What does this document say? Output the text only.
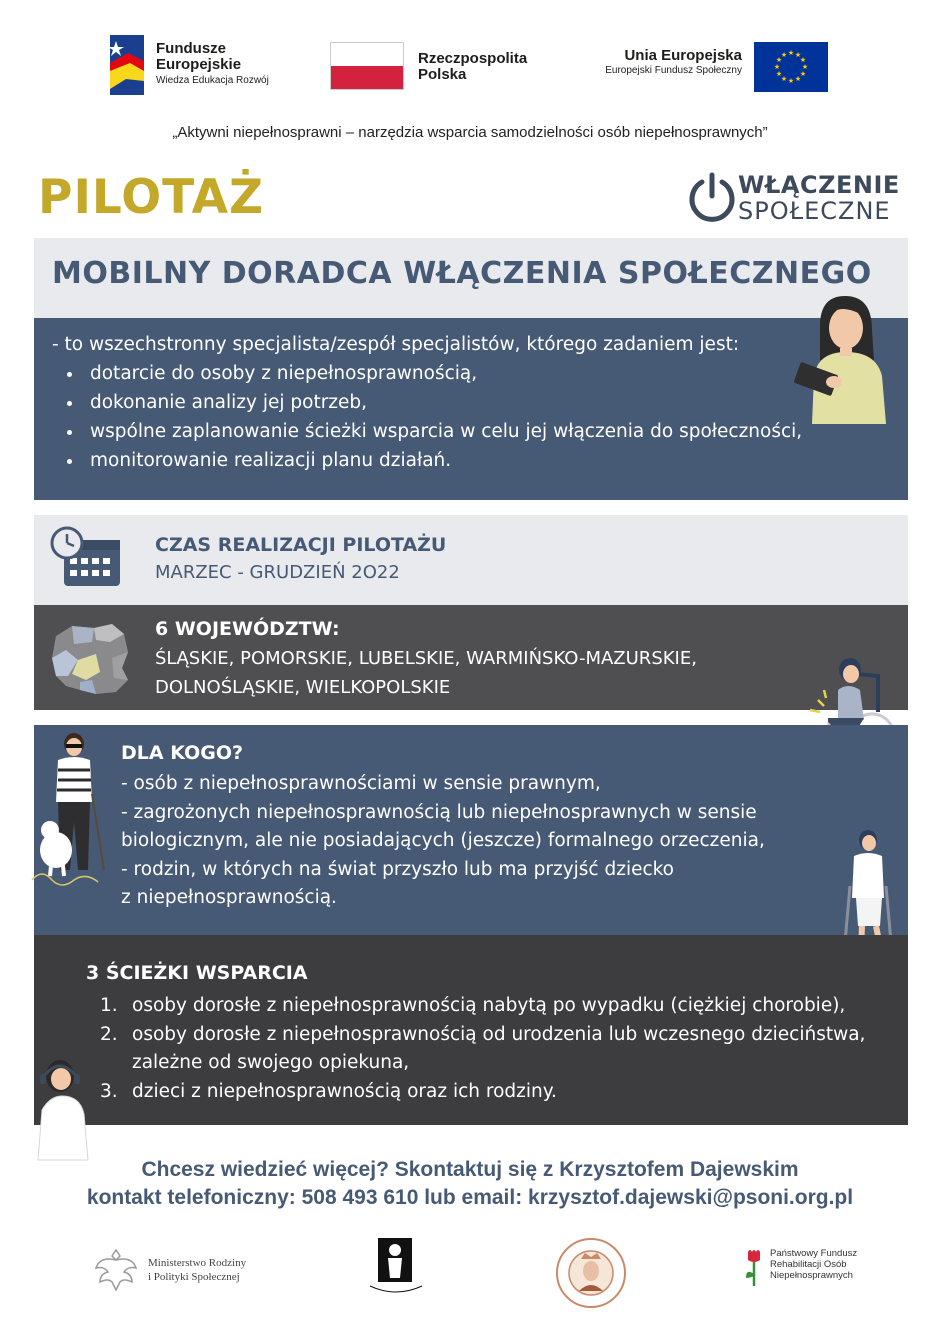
Fundusze
Europejskie
Wiedza Edukacja Rozwój
Rzeczpospolita
Polska
Unia Europejska
Europejski Fundusz Społeczny
★ ★
★
★
★
★
★
★
★
★
★
★
„Aktywni niepełnosprawni – narzędzia wsparcia samodzielności osób niepełnosprawnych”
PILOTAŻ	WŁĄCZENIE
SPOŁECZNE
MOBILNY DORADCA WŁĄCZENIA SPOŁECZNEGO
- to wszechstronny specjalista/zespół specjalistów, którego zadaniem jest:
• dotarcie do osoby z niepełnosprawnością,
• dokonanie analizy jej potrzeb,
• wspólne zaplanowanie ścieżki wsparcia w celu jej włączenia do społeczności,
• monitorowanie realizacji planu działań.
CZAS REALIZACJI PILOTAŻU
MARZEC - GRUDZIEŃ 2O22
6 WOJEWÓDZTW:
ŚLĄSKIE, POMORSKIE, LUBELSKIE, WARMIŃSKO-MAZURSKIE,
DOLNOŚLĄSKIE, WIELKOPOLSKIE
DLA KOGO?
- osób z niepełnosprawnościami w sensie prawnym,
- zagrożonych niepełnosprawnością lub niepełnosprawnych w sensie
biologicznym, ale nie posiadających (jeszcze) formalnego orzeczenia,
- rodzin, w których na świat przyszło lub ma przyjść dziecko
z niepełnosprawnością.
3 ŚCIEŻKI WSPARCIA
1. osoby dorosłe z niepełnosprawnością nabytą po wypadku (ciężkiej chorobie),
2. osoby dorosłe z niepełnosprawnością od urodzenia lub wczesnego dzieciństwa,
zależne od swojego opiekuna,
3. dzieci z niepełnosprawnością oraz ich rodziny.
Chcesz wiedzieć więcej? Skontaktuj się z Krzysztofem Dajewskim
kontakt telefoniczny: 508 493 610 lub email: krzysztof.dajewski@psoni.org.pl
Ministerstwo Rodziny
i Polityki Społecznej
Państwowy Fundusz
Rehabilitacji Osób
Niepełnosprawnych
